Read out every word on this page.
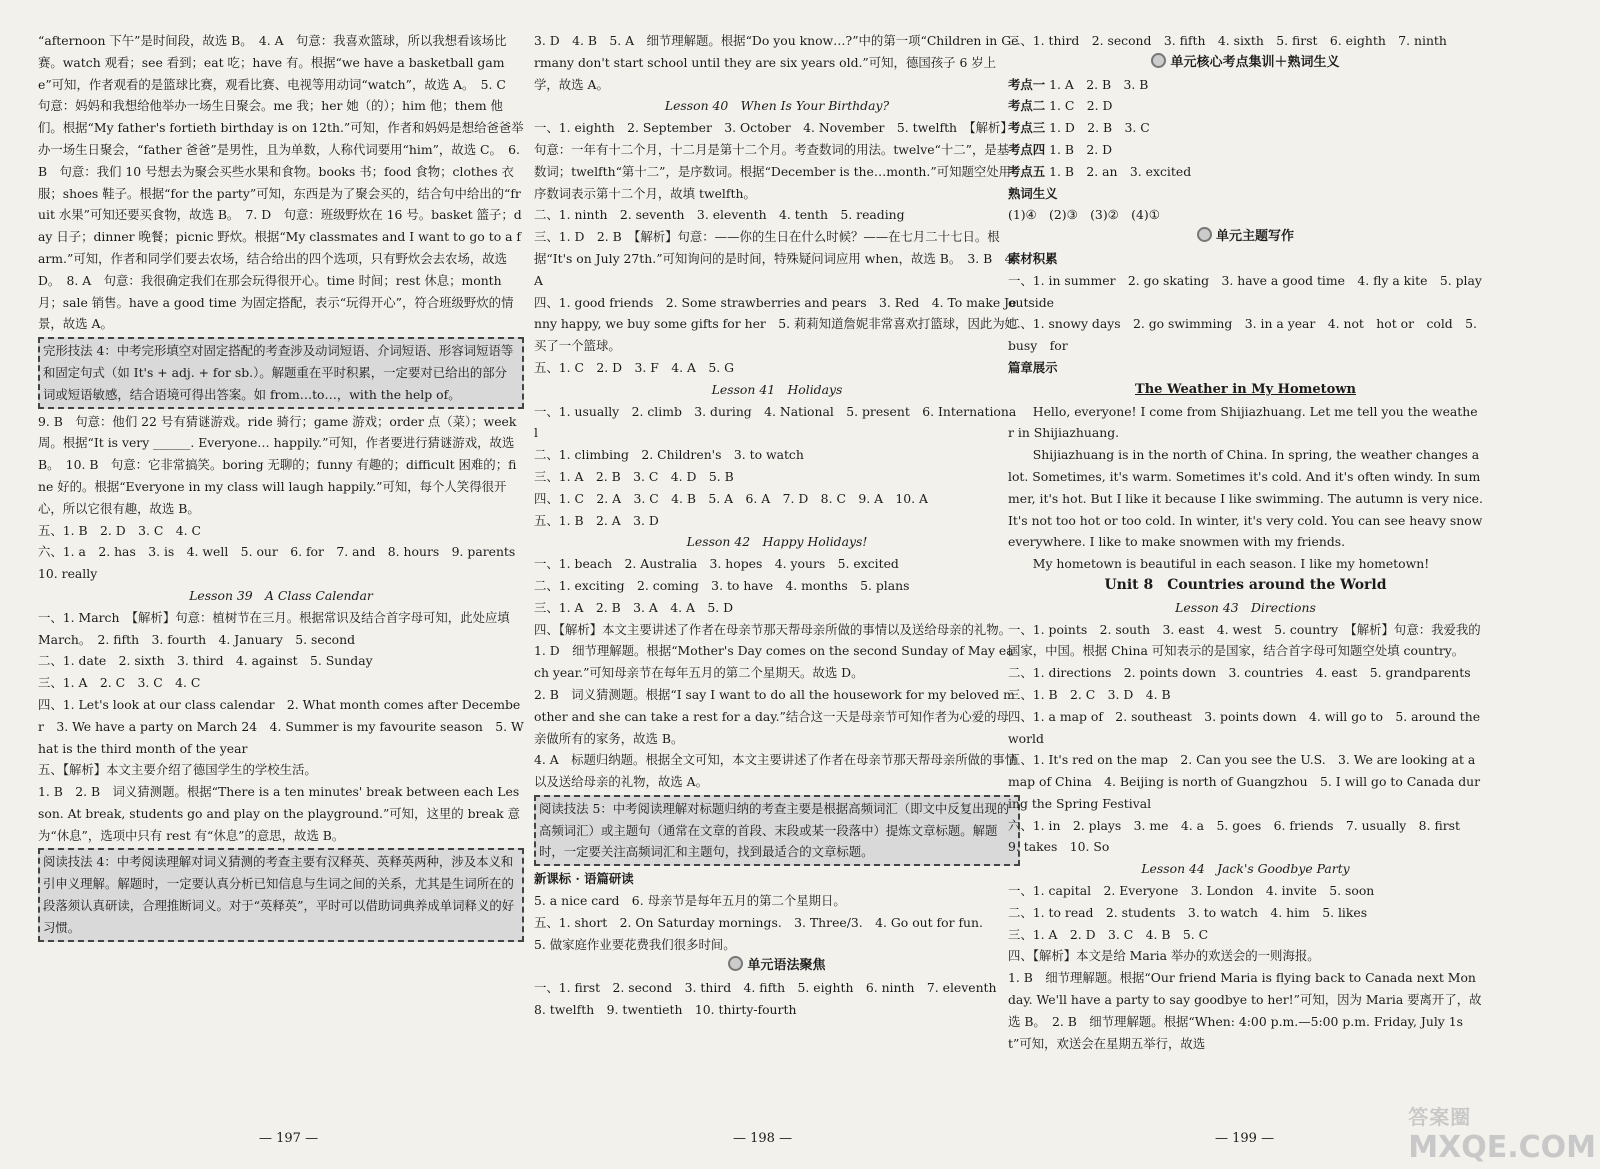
“afternoon 下午”是时间段，故选 B。　4. A　句意：我喜欢篮球，所以我想看该场比赛。watch 观看；see 看到；eat 吃；have 有。根据“we have a basketball game”可知，作者观看的是篮球比赛，观看比赛、电视等用动词“watch”，故选 A。　5. C　句意：妈妈和我想给他举办一场生日聚会。me 我；her 她（的）；him 他；them 他们。根据“My father's fortieth birthday is on 12th.”可知，作者和妈妈是想给爸爸举办一场生日聚会，“father 爸爸”是男性，且为单数，人称代词要用“him”，故选 C。　6. B　句意：我们 10 号想去为聚会买些水果和食物。books 书；food 食物；clothes 衣服；shoes 鞋子。根据“for the party”可知，东西是为了聚会买的，结合句中给出的“fruit 水果”可知还要买食物，故选 B。　7. D　句意：班级野炊在 16 号。basket 篮子；day 日子；dinner 晚餐；picnic 野炊。根据“My classmates and I want to go to a farm.”可知，作者和同学们要去农场，结合给出的四个选项，只有野炊会去农场，故选 D。　8. A　句意：我很确定我们在那会玩得很开心。time 时间；rest 休息；month 月；sale 销售。have a good time 为固定搭配，表示“玩得开心”，符合班级野炊的情景，故选 A。

完形技法 4：中考完形填空对固定搭配的考查涉及动词短语、介词短语、形容词短语等和固定句式（如 It's + adj. + for sb.）。解题重在平时积累，一定要对已给出的部分词或短语敏感，结合语境可得出答案。如 from…to…，with the help of。

9. B　句意：他们 22 号有猜谜游戏。ride 骑行；game 游戏；order 点（菜）；week 周。根据“It is very ______. Everyone… happily.”可知，作者要进行猜谜游戏，故选 B。　10. B　句意：它非常搞笑。boring 无聊的；funny 有趣的；difficult 困难的；fine 好的。根据“Everyone in my class will laugh happily.”可知，每个人笑得很开心，所以它很有趣，故选 B。

五、1. B　2. D　3. C　4. C

六、1. a　2. has　3. is　4. well　5. our　6. for　7. and　8. hours　9. parents　10. really

Lesson 39　A Class Calendar

一、1. March　【解析】句意：植树节在三月。根据常识及结合首字母可知，此处应填 March。　2. fifth　3. fourth　4. January　5. second

二、1. date　2. sixth　3. third　4. against　5. Sunday

三、1. A　2. C　3. C　4. C

四、1. Let's look at our class calendar　2. What month comes after December　3. We have a party on March 24　4. Summer is my favourite season　5. What is the third month of the year

五、【解析】本文主要介绍了德国学生的学校生活。

1. B　2. B　词义猜测题。根据“There is a ten minutes' break between each Lesson. At break, students go and play on the playground.”可知，这里的 break 意为“休息”，选项中只有 rest 有“休息”的意思，故选 B。

阅读技法 4：中考阅读理解对词义猜测的考查主要有汉释英、英释英两种，涉及本义和引申义理解。解题时，一定要认真分析已知信息与生词之间的关系，尤其是生词所在的段落须认真研读，合理推断词义。对于“英释英”，平时可以借助词典养成单词释义的好习惯。

3. D　4. B　5. A　细节理解题。根据“Do you know…?”中的第一项“Children in Germany don't start school until they are six years old.”可知，德国孩子 6 岁上学，故选 A。

Lesson 40　When Is Your Birthday?

一、1. eighth　2. September　3. October　4. November　5. twelfth　【解析】句意：一年有十二个月，十二月是第十二个月。考查数词的用法。twelve“十二”，是基数词；twelfth“第十二”，是序数词。根据“December is the…month.”可知题空处用序数词表示第十二个月，故填 twelfth。

二、1. ninth　2. seventh　3. eleventh　4. tenth　5. reading

三、1. D　2. B　【解析】句意：——你的生日在什么时候？——在七月二十七日。根据“It's on July 27th.”可知询问的是时间，特殊疑问词应用 when，故选 B。　3. B　4. A

四、1. good friends　2. Some strawberries and pears　3. Red　4. To make Jenny happy, we buy some gifts for her　5. 莉莉知道詹妮非常喜欢打篮球，因此为她买了一个篮球。

五、1. C　2. D　3. F　4. A　5. G

Lesson 41　Holidays

一、1. usually　2. climb　3. during　4. National　5. present　6. International

二、1. climbing　2. Children's　3. to watch

三、1. A　2. B　3. C　4. D　5. B

四、1. C　2. A　3. C　4. B　5. A　6. A　7. D　8. C　9. A　10. A

五、1. B　2. A　3. D

Lesson 42　Happy Holidays!

一、1. beach　2. Australia　3. hopes　4. yours　5. excited

二、1. exciting　2. coming　3. to have　4. months　5. plans

三、1. A　2. B　3. A　4. A　5. D

四、【解析】本文主要讲述了作者在母亲节那天帮母亲所做的事情以及送给母亲的礼物。

1. D　细节理解题。根据“Mother's Day comes on the second Sunday of May each year.”可知母亲节在每年五月的第二个星期天。故选 D。

2. B　词义猜测题。根据“I say I want to do all the housework for my beloved mother and she can take a rest for a day.”结合这一天是母亲节可知作者为心爱的母亲做所有的家务，故选 B。

4. A　标题归纳题。根据全文可知，本文主要讲述了作者在母亲节那天帮母亲所做的事情以及送给母亲的礼物，故选 A。

阅读技法 5：中考阅读理解对标题归纳的考查主要是根据高频词汇（即文中反复出现的高频词汇）或主题句（通常在文章的首段、末段或某一段落中）提炼文章标题。解题时，一定要关注高频词汇和主题句，找到最适合的文章标题。

新课标 · 语篇研读

5. a nice card　6. 母亲节是每年五月的第二个星期日。

五、1. short　2. On Saturday mornings.　3. Three/3.　4. Go out for fun.

5. 做家庭作业要花费我们很多时间。

单元语法聚焦

一、1. first　2. second　3. third　4. fifth　5. eighth　6. ninth　7. eleventh　8. twelfth　9. twentieth　10. thirty-fourth

二、1. third　2. second　3. fifth　4. sixth　5. first　6. eighth　7. ninth

单元核心考点集训＋熟词生义

考点一 1. A　2. B　3. B

考点二 1. C　2. D

考点三 1. D　2. B　3. C

考点四 1. B　2. D

考点五 1. B　2. an　3. excited

熟词生义

(1)④　(2)③　(3)②　(4)①

单元主题写作

素材积累

一、1. in summer　2. go skating　3. have a good time　4. fly a kite　5. play outside

二、1. snowy days　2. go swimming　3. in a year　4. not　hot or　cold　5. busy　for

篇章展示

The Weather in My Hometown

Hello, everyone! I come from Shijiazhuang. Let me tell you the weather in Shijiazhuang.

Shijiazhuang is in the north of China. In spring, the weather changes a lot. Sometimes, it's warm. Sometimes it's cold. And it's often windy. In summer, it's hot. But I like it because I like swimming. The autumn is very nice. It's not too hot or too cold. In winter, it's very cold. You can see heavy snow everywhere. I like to make snowmen with my friends.

My hometown is beautiful in each season. I like my hometown!

Unit 8　Countries around the World

Lesson 43　Directions

一、1. points　2. south　3. east　4. west　5. country　【解析】句意：我爱我的国家，中国。根据 China 可知表示的是国家，结合首字母可知题空处填 country。

二、1. directions　2. points down　3. countries　4. east　5. grandparents

三、1. B　2. C　3. D　4. B

四、1. a map of　2. southeast　3. points down　4. will go to　5. around the world

五、1. It's red on the map　2. Can you see the U.S.　3. We are looking at a map of China　4. Beijing is north of Guangzhou　5. I will go to Canada during the Spring Festival

六、1. in　2. plays　3. me　4. a　5. goes　6. friends　7. usually　8. first　9. takes　10. So

Lesson 44　Jack's Goodbye Party

一、1. capital　2. Everyone　3. London　4. invite　5. soon

二、1. to read　2. students　3. to watch　4. him　5. likes

三、1. A　2. D　3. C　4. B　5. C

四、【解析】本文是给 Maria 举办的欢送会的一则海报。

1. B　细节理解题。根据“Our friend Maria is flying back to Canada next Monday. We'll have a party to say goodbye to her!”可知，因为 Maria 要离开了，故选 B。　2. B　细节理解题。根据“When: 4:00 p.m.—5:00 p.m. Friday, July 1st”可知，欢送会在星期五举行，故选

— 197 —	— 198 —	— 199 —
答案圈
MXQE.COM
